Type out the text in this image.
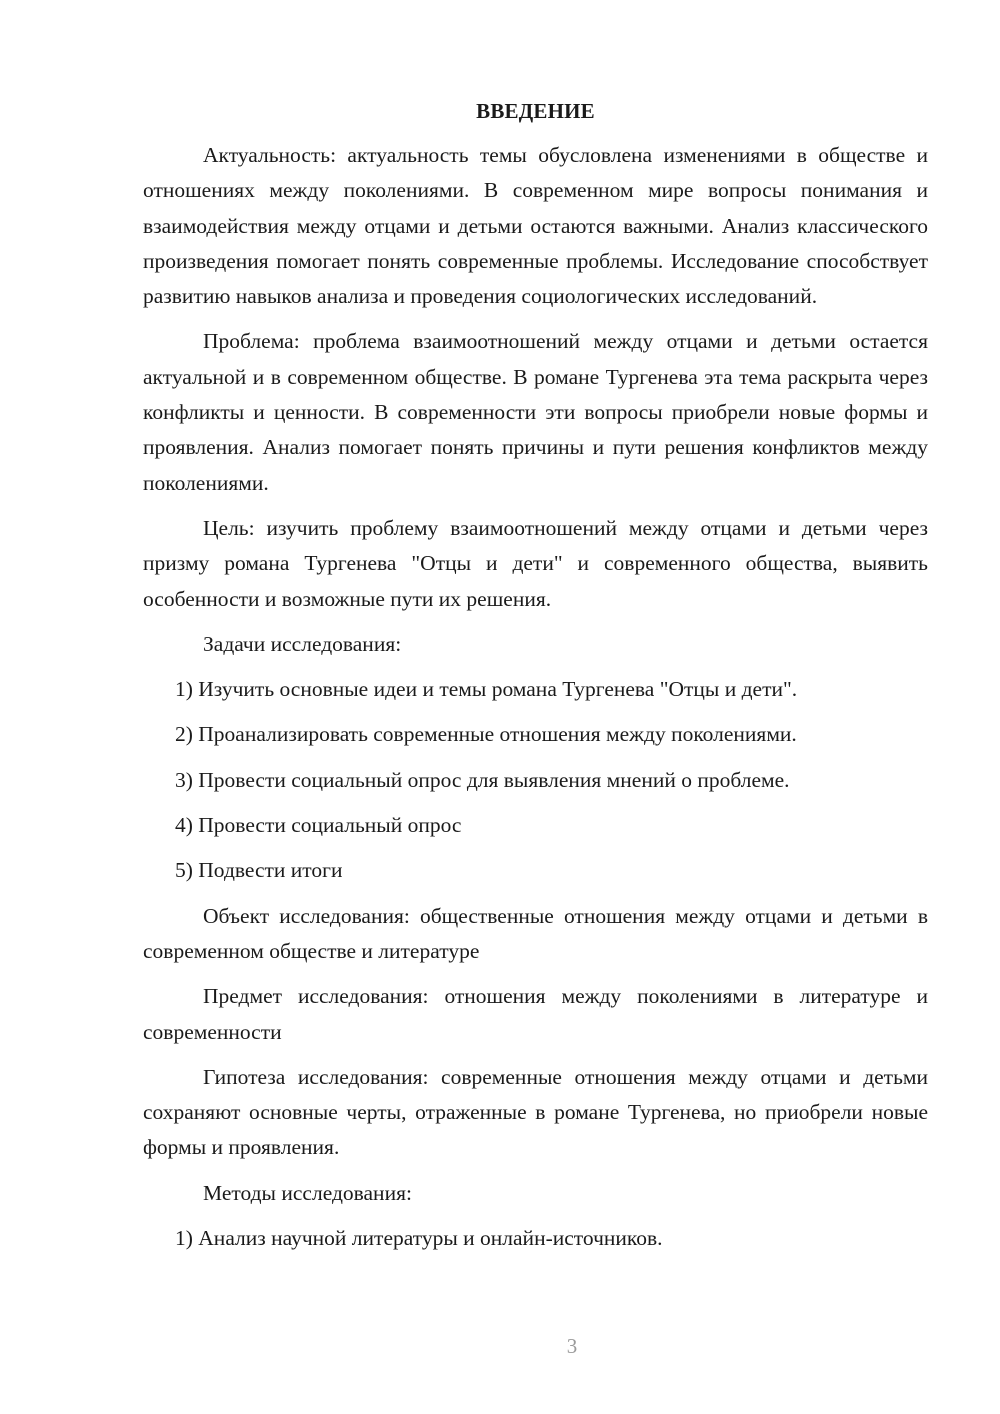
ВВЕДЕНИЕ

Актуальность: актуальность темы обусловлена изменениями в обществе и отношениях между поколениями. В современном мире вопросы понимания и взаимодействия между отцами и детьми остаются важными. Анализ классического произведения помогает понять современные проблемы. Исследование способствует развитию навыков анализа и проведения социологических исследований.

Проблема: проблема взаимоотношений между отцами и детьми остается актуальной и в современном обществе. В романе Тургенева эта тема раскрыта через конфликты и ценности. В современности эти вопросы приобрели новые формы и проявления. Анализ помогает понять причины и пути решения конфликтов между поколениями.

Цель: изучить проблему взаимоотношений между отцами и детьми через призму романа Тургенева "Отцы и дети" и современного общества, выявить особенности и возможные пути их решения.

Задачи исследования:

1) Изучить основные идеи и темы романа Тургенева "Отцы и дети".

2) Проанализировать современные отношения между поколениями.

3) Провести социальный опрос для выявления мнений о проблеме.

4) Провести социальный опрос

5) Подвести итоги

Объект исследования: общественные отношения между отцами и детьми в современном обществе и литературе

Предмет исследования: отношения между поколениями в литературе и современности

Гипотеза исследования: современные отношения между отцами и детьми сохраняют основные черты, отраженные в романе Тургенева, но приобрели новые формы и проявления.

Методы исследования:

1) Анализ научной литературы и онлайн-источников.

3
